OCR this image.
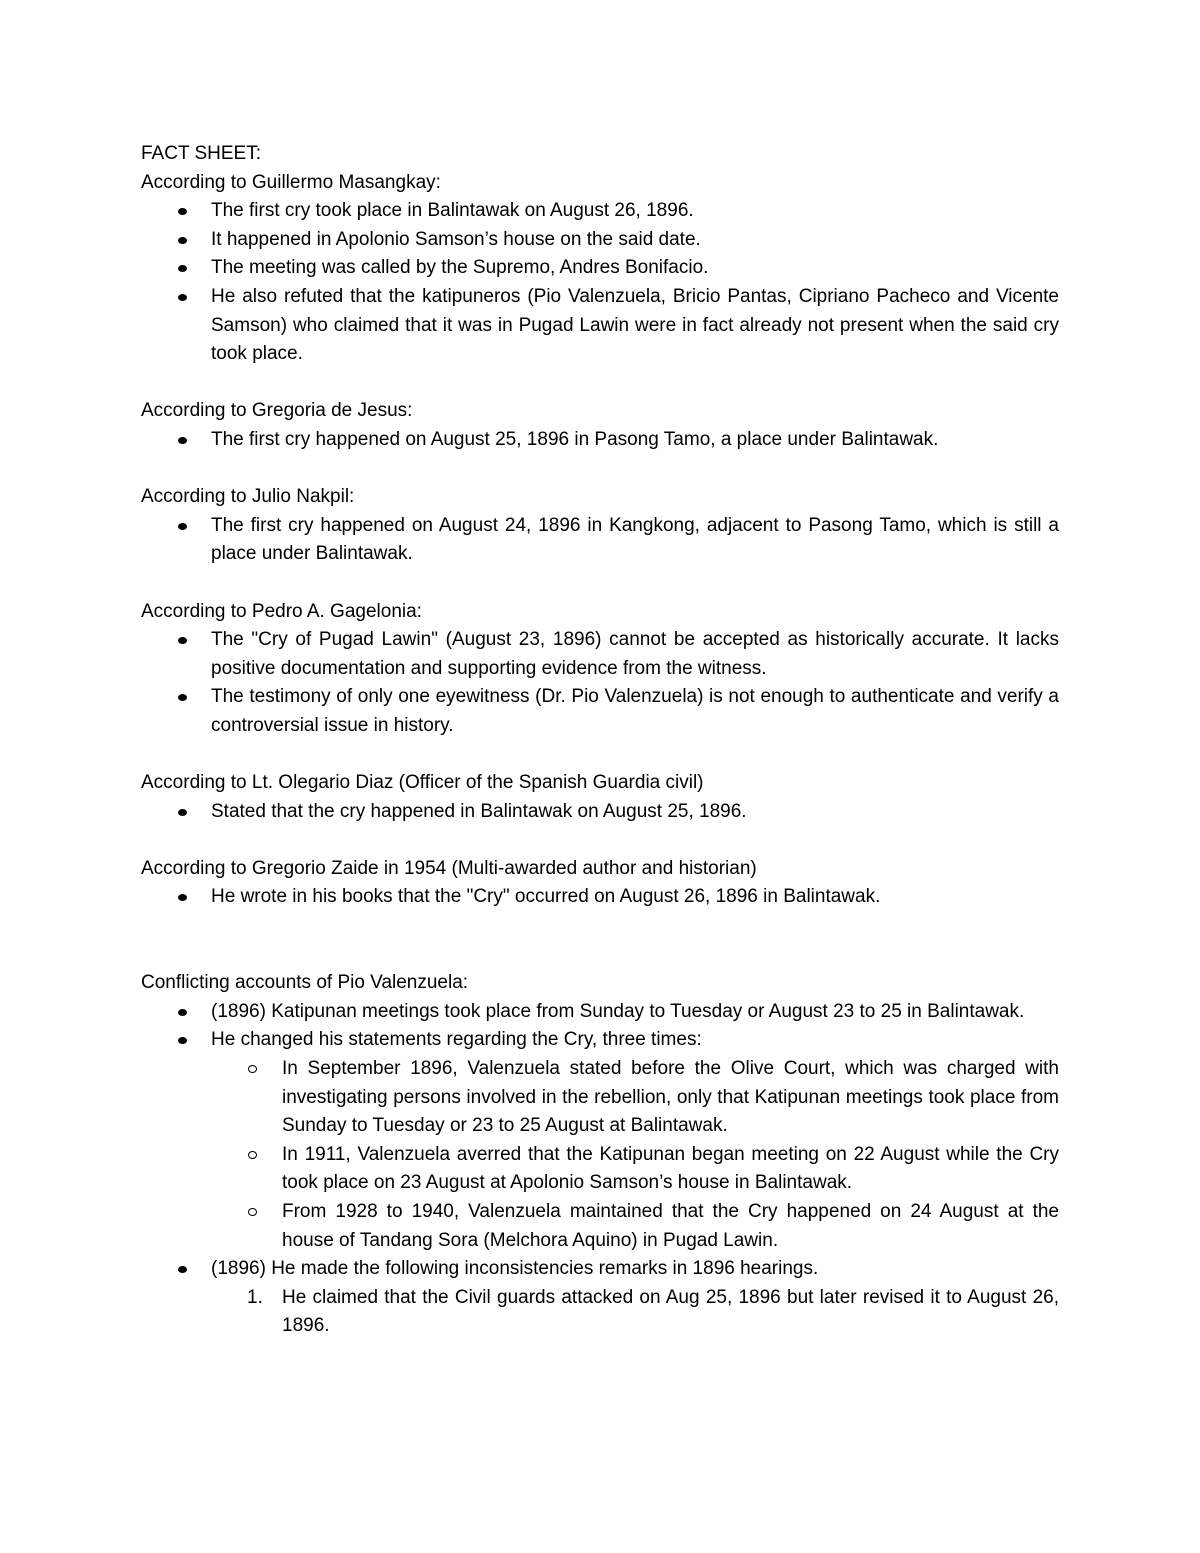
FACT SHEET:

According to Guillermo Masangkay:

The first cry took place in Balintawak on August 26, 1896.
It happened in Apolonio Samson’s house on the said date.
The meeting was called by the Supremo, Andres Bonifacio.
He also refuted that the katipuneros (Pio Valenzuela, Bricio Pantas, Cipriano Pacheco and Vicente Samson) who claimed that it was in Pugad Lawin were in fact already not present when the said cry took place.

According to Gregoria de Jesus:

The first cry happened on August 25, 1896 in Pasong Tamo, a place under Balintawak.

According to Julio Nakpil:

The first cry happened on August 24, 1896 in Kangkong, adjacent to Pasong Tamo, which is still a place under Balintawak.

According to Pedro A. Gagelonia:

The "Cry of Pugad Lawin" (August 23, 1896) cannot be accepted as historically accurate. It lacks positive documentation and supporting evidence from the witness.
The testimony of only one eyewitness (Dr. Pio Valenzuela) is not enough to authenticate and verify a controversial issue in history.

According to Lt. Olegario Diaz (Officer of the Spanish Guardia civil)

Stated that the cry happened in Balintawak on August 25, 1896.

According to Gregorio Zaide in 1954 (Multi-awarded author and historian)

He wrote in his books that the "Cry" occurred on August 26, 1896 in Balintawak.

Conflicting accounts of Pio Valenzuela:

(1896) Katipunan meetings took place from Sunday to Tuesday or August 23 to 25 in Balintawak.
He changed his statements regarding the Cry, three times:
In September 1896, Valenzuela stated before the Olive Court, which was charged with investigating persons involved in the rebellion, only that Katipunan meetings took place from Sunday to Tuesday or 23 to 25 August at Balintawak.
In 1911, Valenzuela averred that the Katipunan began meeting on 22 August while the Cry took place on 23 August at Apolonio Samson’s house in Balintawak.
From 1928 to 1940, Valenzuela maintained that the Cry happened on 24 August at the house of Tandang Sora (Melchora Aquino) in Pugad Lawin.
(1896) He made the following inconsistencies remarks in 1896 hearings.
1. He claimed that the Civil guards attacked on Aug 25, 1896 but later revised it to August 26, 1896.
